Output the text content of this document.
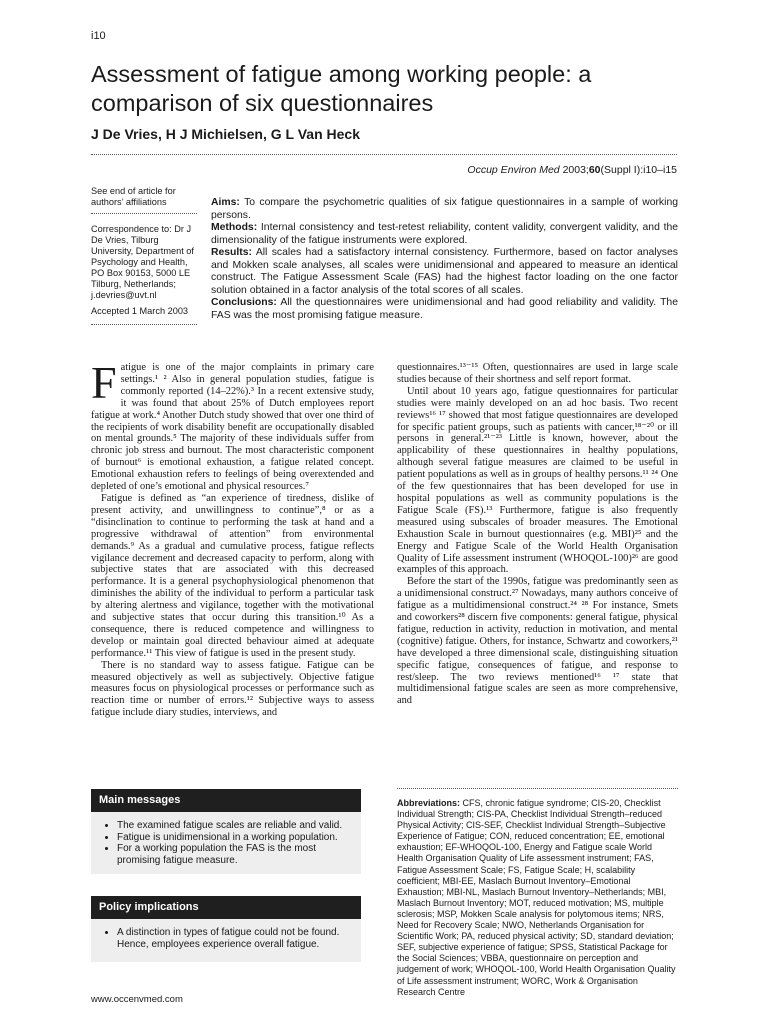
i10
Assessment of fatigue among working people: a comparison of six questionnaires
J De Vries, H J Michielsen, G L Van Heck
Occup Environ Med 2003;60(Suppl I):i10–i15
See end of article for authors’ affiliations
Correspondence to: Dr J De Vries, Tilburg University, Department of Psychology and Health, PO Box 90153, 5000 LE Tilburg, Netherlands; j.devries@uvt.nl
Accepted 1 March 2003

Aims: To compare the psychometric qualities of six fatigue questionnaires in a sample of working persons.

Methods: Internal consistency and test-retest reliability, content validity, convergent validity, and the dimensionality of the fatigue instruments were explored.

Results: All scales had a satisfactory internal consistency. Furthermore, based on factor analyses and Mokken scale analyses, all scales were unidimensional and appeared to measure an identical construct. The Fatigue Assessment Scale (FAS) had the highest factor loading on the one factor solution obtained in a factor analysis of the total scores of all scales.

Conclusions: All the questionnaires were unidimensional and had good reliability and validity. The FAS was the most promising fatigue measure.

Fatigue is one of the major complaints in primary care settings.¹ ² Also in general population studies, fatigue is commonly reported (14–22%).³ In a recent extensive study, it was found that about 25% of Dutch employees report fatigue at work.⁴ Another Dutch study showed that over one third of the recipients of work disability benefit are occupationally disabled on mental grounds.⁵ The majority of these individuals suffer from chronic job stress and burnout. The most characteristic component of burnout⁶ is emotional exhaustion, a fatigue related concept. Emotional exhaustion refers to feelings of being overextended and depleted of one’s emotional and physical resources.⁷

Fatigue is defined as “an experience of tiredness, dislike of present activity, and unwillingness to continue”,⁸ or as a “disinclination to continue to performing the task at hand and a progressive withdrawal of attention” from environmental demands.⁹ As a gradual and cumulative process, fatigue reflects vigilance decrement and decreased capacity to perform, along with subjective states that are associated with this decreased performance. It is a general psychophysiological phenomenon that diminishes the ability of the individual to perform a particular task by altering alertness and vigilance, together with the motivational and subjective states that occur during this transition.¹⁰ As a consequence, there is reduced competence and willingness to develop or maintain goal directed behaviour aimed at adequate performance.¹¹ This view of fatigue is used in the present study.

There is no standard way to assess fatigue. Fatigue can be measured objectively as well as subjectively. Objective fatigue measures focus on physiological processes or performance such as reaction time or number of errors.¹² Subjective ways to assess fatigue include diary studies, interviews, and

questionnaires.¹³⁻¹⁵ Often, questionnaires are used in large scale studies because of their shortness and self report format.

Until about 10 years ago, fatigue questionnaires for particular studies were mainly developed on an ad hoc basis. Two recent reviews¹⁶ ¹⁷ showed that most fatigue questionnaires are developed for specific patient groups, such as patients with cancer,¹⁸⁻²⁰ or ill persons in general.²¹⁻²³ Little is known, however, about the applicability of these questionnaires in healthy populations, although several fatigue measures are claimed to be useful in patient populations as well as in groups of healthy persons.¹¹ ²⁴ One of the few questionnaires that has been developed for use in hospital populations as well as community populations is the Fatigue Scale (FS).¹³ Furthermore, fatigue is also frequently measured using subscales of broader measures. The Emotional Exhaustion Scale in burnout questionnaires (e.g. MBI)²⁵ and the Energy and Fatigue Scale of the World Health Organisation Quality of Life assessment instrument (WHOQOL-100)²⁶ are good examples of this approach.

Before the start of the 1990s, fatigue was predominantly seen as a unidimensional construct.²⁷ Nowadays, many authors conceive of fatigue as a multidimensional construct.²⁴ ²⁸ For instance, Smets and coworkers²⁸ discern five components: general fatigue, physical fatigue, reduction in activity, reduction in motivation, and mental (cognitive) fatigue. Others, for instance, Schwartz and coworkers,²¹ have developed a three dimensional scale, distinguishing situation specific fatigue, consequences of fatigue, and response to rest/sleep. The two reviews mentioned¹⁶ ¹⁷ state that multidimensional fatigue scales are seen as more comprehensive, and

Main messages
• The examined fatigue scales are reliable and valid.
• Fatigue is unidimensional in a working population.
• For a working population the FAS is the most promising fatigue measure.
Policy implications
• A distinction in types of fatigue could not be found. Hence, employees experience overall fatigue.
Abbreviations: CFS, chronic fatigue syndrome; CIS-20, Checklist Individual Strength; CIS-PA, Checklist Individual Strength–reduced Physical Activity; CIS-SEF, Checklist Individual Strength–Subjective Experience of Fatigue; CON, reduced concentration; EE, emotional exhaustion; EF-WHOQOL-100, Energy and Fatigue scale World Health Organisation Quality of Life assessment instrument; FAS, Fatigue Assessment Scale; FS, Fatigue Scale; H, scalability coefficient; MBI-EE, Maslach Burnout Inventory–Emotional Exhaustion; MBI-NL, Maslach Burnout Inventory–Netherlands; MBI, Maslach Burnout Inventory; MOT, reduced motivation; MS, multiple sclerosis; MSP, Mokken Scale analysis for polytomous items; NRS, Need for Recovery Scale; NWO, Netherlands Organisation for Scientific Work; PA, reduced physical activity; SD, standard deviation; SEF, subjective experience of fatigue; SPSS, Statistical Package for the Social Sciences; VBBA, questionnaire on perception and judgement of work; WHOQOL-100, World Health Organisation Quality of Life assessment instrument; WORC, Work & Organisation Research Centre
www.occenvmed.com
